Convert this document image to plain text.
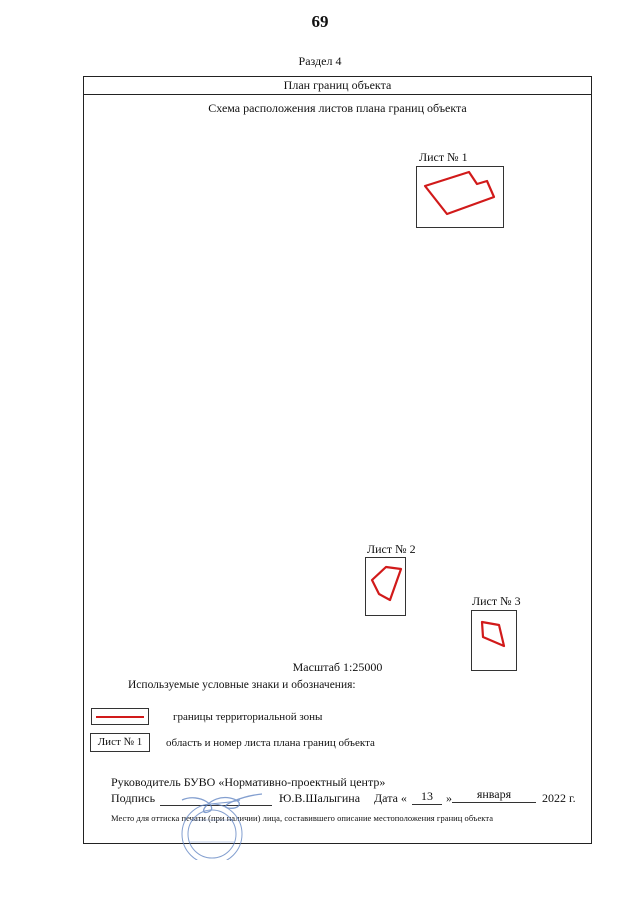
69
Раздел 4
План границ объекта
Схема расположения листов плана границ объекта
Лист № 1
Лист № 2
Лист № 3
Масштаб 1:25000
Используемые условные знаки и обозначения:
границы территориальной зоны
Лист № 1	область и номер листа плана границ объекта
Руководитель БУВО «Нормативно-проектный центр»
Подпись	Ю.В.Шалыгина Дата «	13	»	января	2022 г.
Место для оттиска печати (при наличии) лица, составившего описание местоположения границ объекта
